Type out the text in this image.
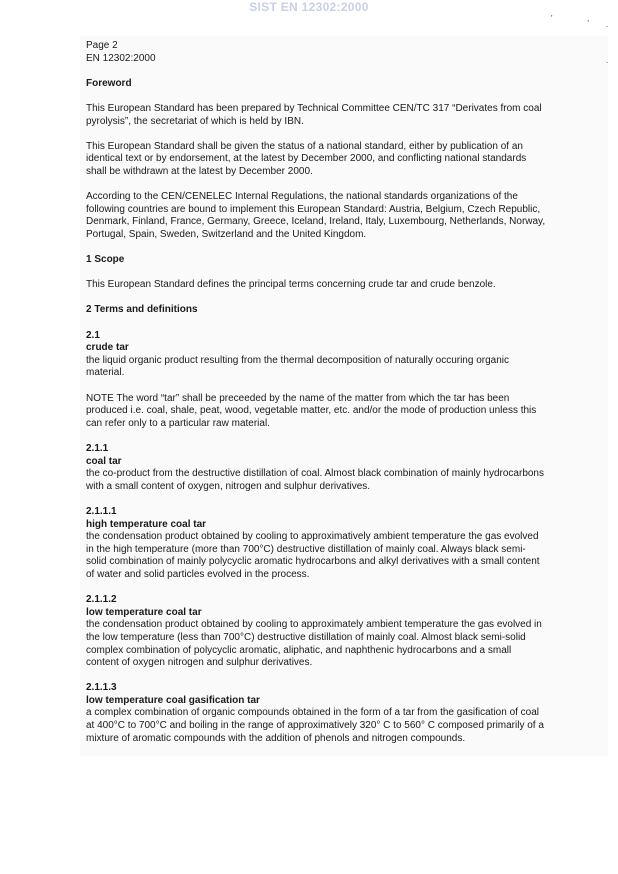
SIST EN 12302:2000
'	,
.
.
Page 2
EN 12302:2000
Foreword
This European Standard has been prepared by Technical Committee CEN/TC 317 “Derivates from coal pyrolysis”, the secretariat of which is held by IBN.
This European Standard shall be given the status of a national standard, either by publication of an identical text or by endorsement, at the latest by December 2000, and conflicting national standards shall be withdrawn at the latest by December 2000.
According to the CEN/CENELEC Internal Regulations, the national standards organizations of the following countries are bound to implement this European Standard: Austria, Belgium, Czech Republic, Denmark, Finland, France, Germany, Greece, Iceland, Ireland, Italy, Luxembourg, Netherlands, Norway, Portugal, Spain, Sweden, Switzerland and the United Kingdom.
1 Scope
This European Standard defines the principal terms concerning crude tar and crude benzole.
2 Terms and definitions
2.1
crude tar
the liquid organic product resulting from the thermal decomposition of naturally occuring organic material.
NOTE The word “tar” shall be preceeded by the name of the matter from which the tar has been produced i.e. coal, shale, peat, wood, vegetable matter, etc. and/or the mode of production unless this can refer only to a particular raw material.
2.1.1
coal tar
the co-product from the destructive distillation of coal. Almost black combination of mainly hydrocarbons with a small content of oxygen, nitrogen and sulphur derivatives.
2.1.1.1
high temperature coal tar
the condensation product obtained by cooling to approximatively ambient temperature the gas evolved in the high temperature (more than 700°C) destructive distillation of mainly coal. Always black semi-solid combination of mainly polycyclic aromatic hydrocarbons and alkyl derivatives with a small content of water and solid particles evolved in the process.
2.1.1.2
low temperature coal tar
the condensation product obtained by cooling to approximately ambient temperature the gas evolved in the low temperature (less than 700°C) destructive distillation of mainly coal. Almost black semi-solid complex combination of polycyclic aromatic, aliphatic, and naphthenic hydrocarbons and a small content of oxygen nitrogen and sulphur derivatives.
2.1.1.3
low temperature coal gasification tar
a complex combination of organic compounds obtained in the form of a tar from the gasification of coal at 400°C to 700°C and boiling in the range of approximatively 320° C to 560° C composed primarily of a mixture of aromatic compounds with the addition of phenols and nitrogen compounds.
